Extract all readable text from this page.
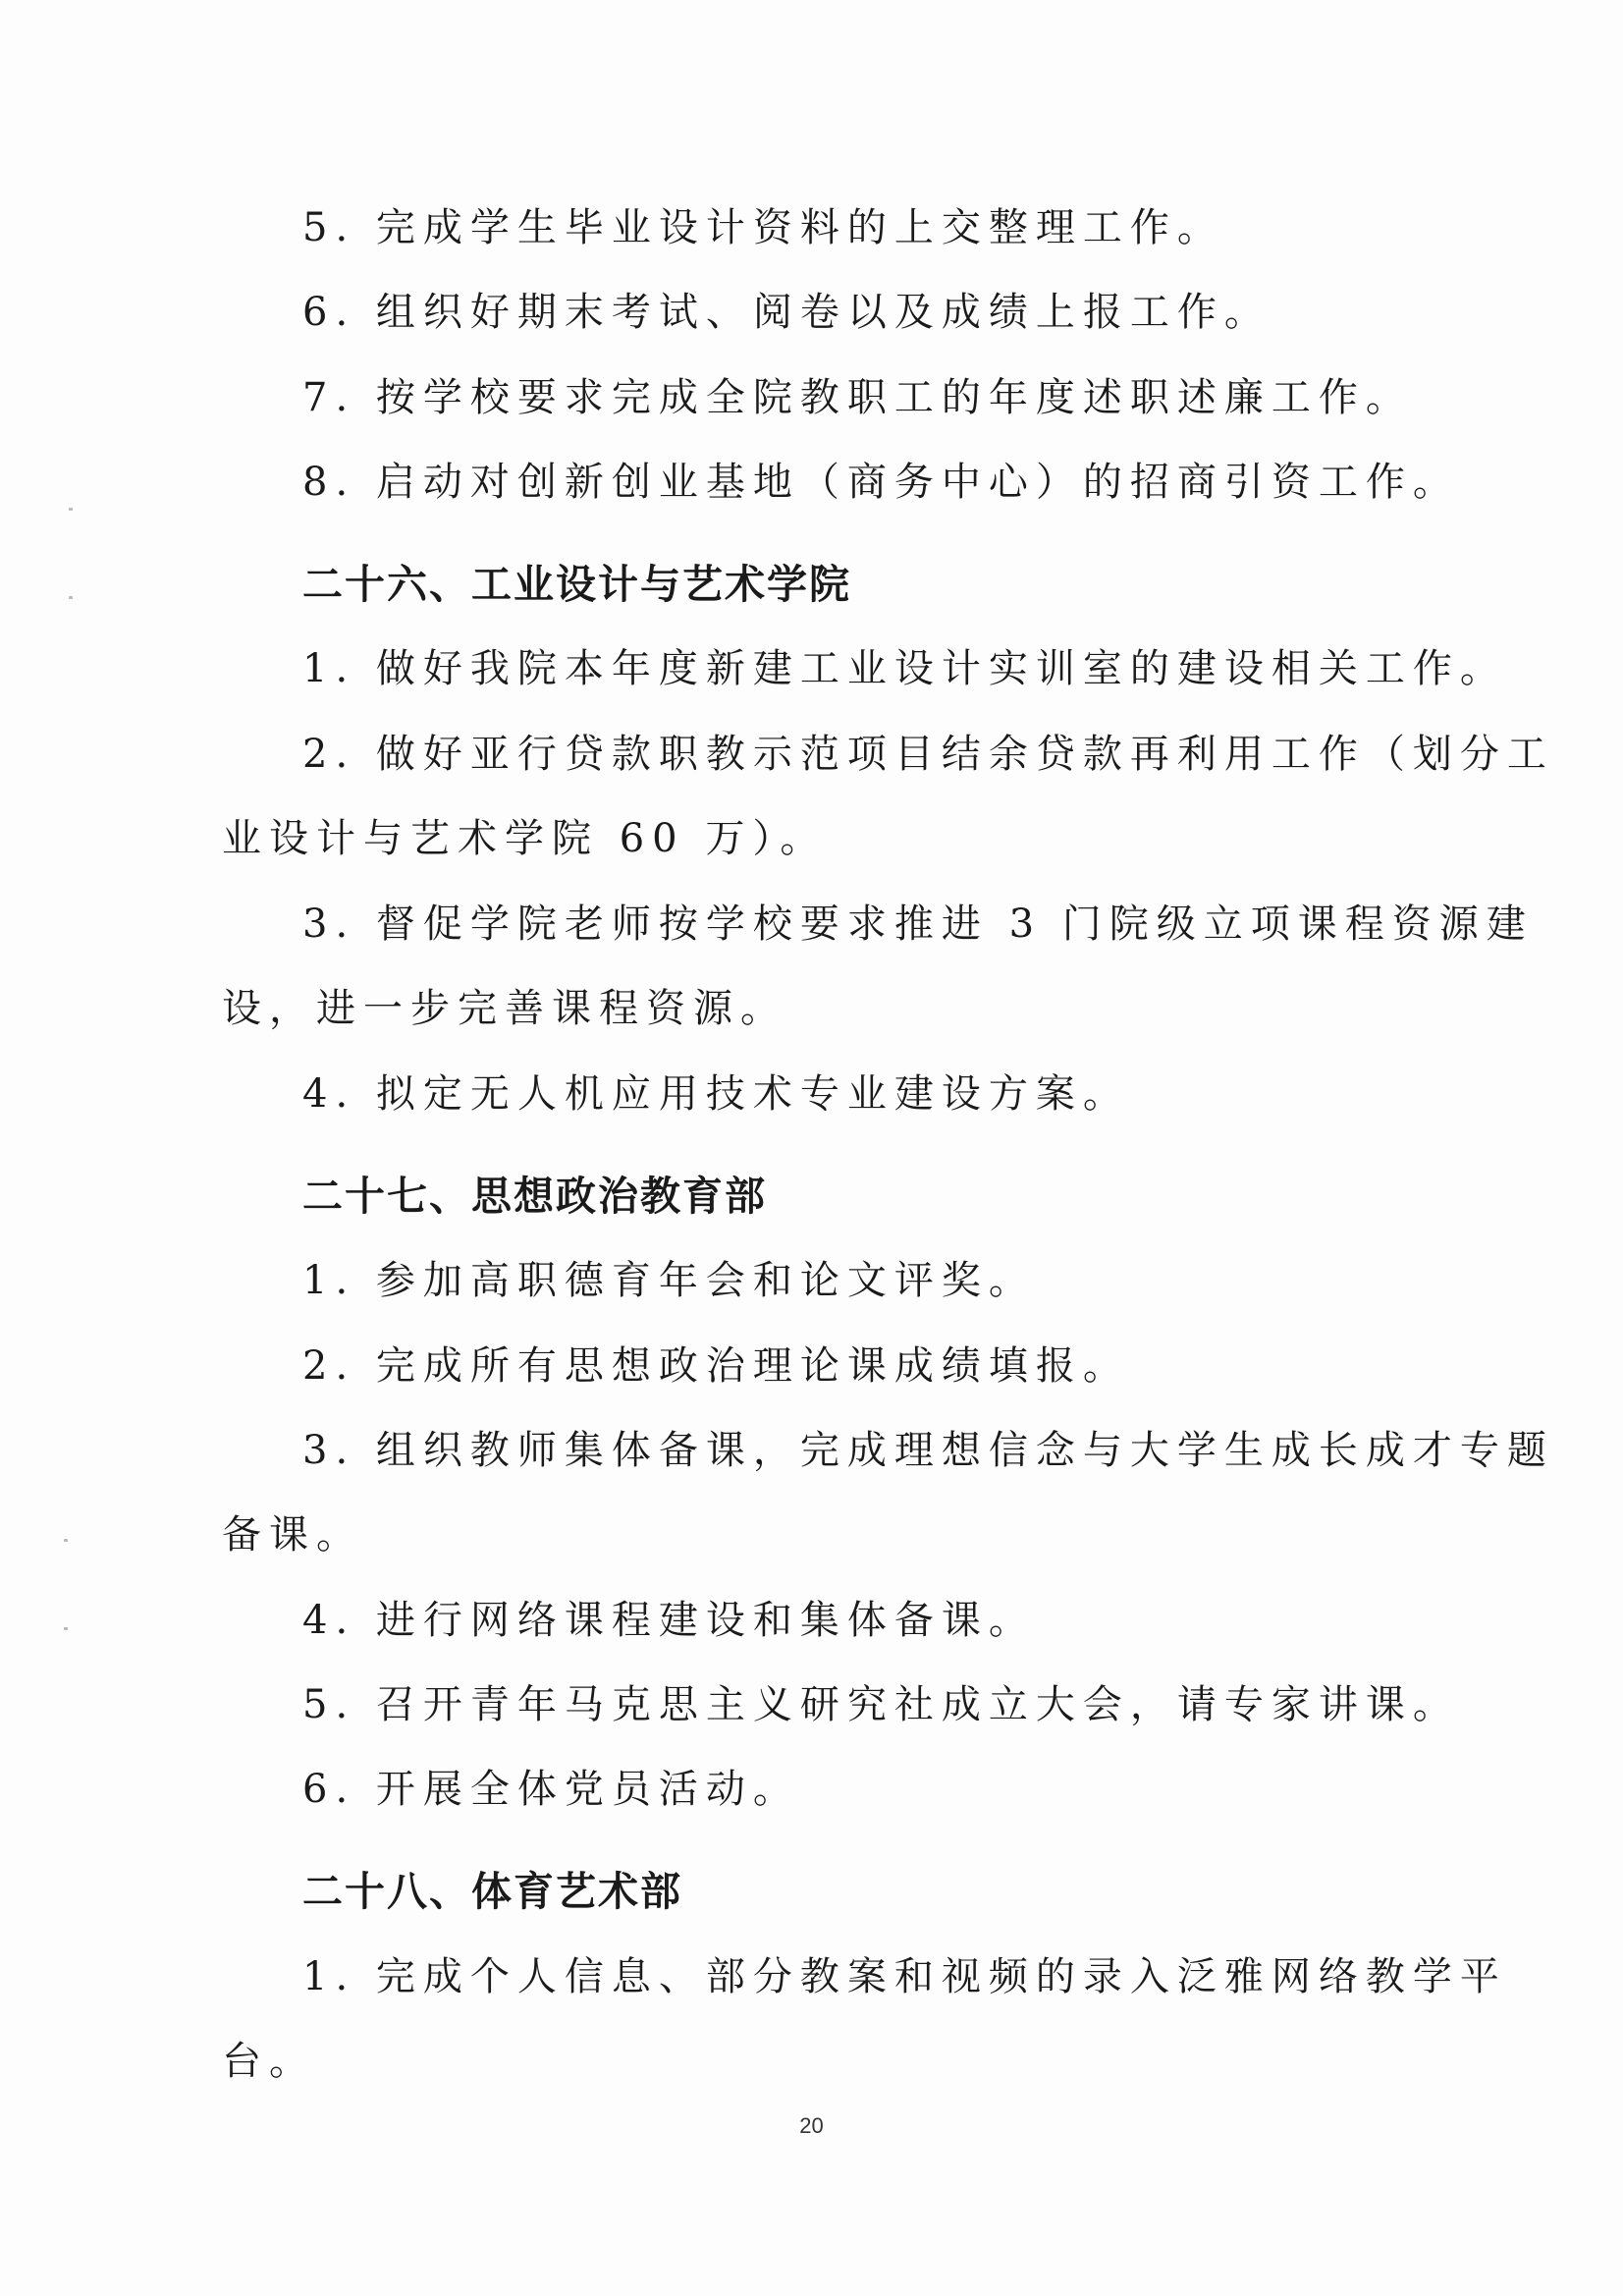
5. 完成学生毕业设计资料的上交整理工作。
6. 组织好期末考试、阅卷以及成绩上报工作。
7. 按学校要求完成全院教职工的年度述职述廉工作。
8. 启动对创新创业基地（商务中心）的招商引资工作。
二十六、工业设计与艺术学院
1. 做好我院本年度新建工业设计实训室的建设相关工作。
2. 做好亚行贷款职教示范项目结余贷款再利用工作（划分工
业设计与艺术学院 60 万）。
3. 督促学院老师按学校要求推进 3 门院级立项课程资源建
设，进一步完善课程资源。
4. 拟定无人机应用技术专业建设方案。
二十七、思想政治教育部
1. 参加高职德育年会和论文评奖。
2. 完成所有思想政治理论课成绩填报。
3. 组织教师集体备课，完成理想信念与大学生成长成才专题
备课。
4. 进行网络课程建设和集体备课。
5. 召开青年马克思主义研究社成立大会，请专家讲课。
6. 开展全体党员活动。
二十八、体育艺术部
1. 完成个人信息、部分教案和视频的录入泛雅网络教学平
台。
20
